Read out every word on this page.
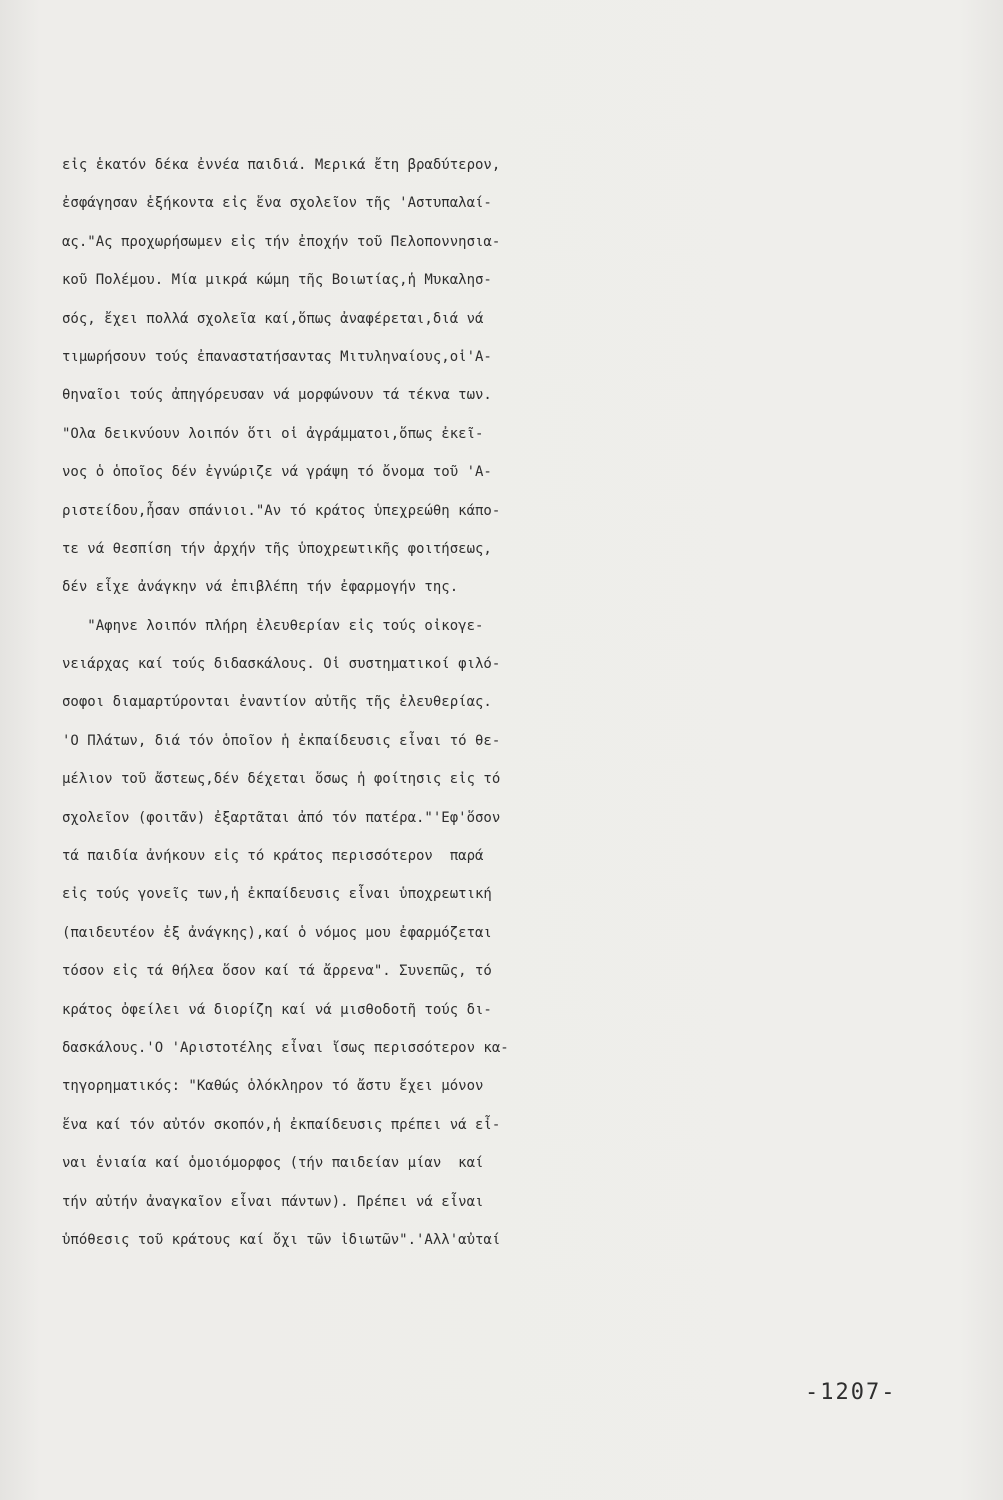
εἰς ἑκατόν δέκα ἐννέα παιδιά. Μερικά ἔτη βραδύτερον,
ἐσφάγησαν ἑξήκοντα εἰς ἕνα σχολεῖον τῆς 'Αστυπαλαί-
ας."Ας προχωρήσωμεν εἰς τήν ἐποχήν τοῦ Πελοποννησια-
κοῦ Πολέμου. Μία μικρά κώμη τῆς Βοιωτίας,ἡ Μυκαλησ-
σός, ἔχει πολλά σχολεῖα καί,ὅπως ἀναφέρεται,διά νά
τιμωρήσουν τούς ἐπαναστατήσαντας Μιτυληναίους,οἱ'Α-
θηναῖοι τούς ἀπηγόρευσαν νά μορφώνουν τά τέκνα των.
"Ολα δεικνύουν λοιπόν ὅτι οἱ ἀγράμματοι,ὅπως ἐκεῖ-
νος ὁ ὁποῖος δέν ἐγνώριζε νά γράψη τό ὄνομα τοῦ 'Α-
ριστείδου,ἦσαν σπάνιοι."Αν τό κράτος ὑπεχρεώθη κάπο-
τε νά θεσπίση τήν ἀρχήν τῆς ὑποχρεωτικῆς φοιτήσεως,
δέν εἶχε ἀνάγκην νά ἐπιβλέπη τήν ἐφαρμογήν της.
"Αφηνε λοιπόν πλήρη ἐλευθερίαν εἰς τούς οἰκογε-
νειάρχας καί τούς διδασκάλους. Οἱ συστηματικοί φιλό-
σοφοι διαμαρτύρονται ἐναντίον αὐτῆς τῆς ἐλευθερίας.
'Ο Πλάτων, διά τόν ὁποῖον ἡ ἐκπαίδευσις εἶναι τό θε-
μέλιον τοῦ ἄστεως,δέν δέχεται ὅσως ἡ φοίτησις εἰς τό
σχολεῖον (φοιτᾶν) ἐξαρτᾶται ἀπό τόν πατέρα."'Εφ'ὅσον
τά παιδία ἀνήκουν εἰς τό κράτος περισσότερον  παρά
εἰς τούς γονεῖς των,ἡ ἐκπαίδευσις εἶναι ὑποχρεωτική
(παιδευτέον ἐξ ἀνάγκης),καί ὁ νόμος μου ἐφαρμόζεται
τόσον εἰς τά θήλεα ὅσον καί τά ἄρρενα". Συνεπῶς, τό
κράτος ὀφείλει νά διορίζη καί νά μισθοδοτῆ τούς δι-
δασκάλους.'Ο 'Αριστοτέλης εἶναι ἴσως περισσότερον κα-
τηγορηματικός: "Καθώς ὁλόκληρον τό ἄστυ ἔχει μόνον
ἕνα καί τόν αὐτόν σκοπόν,ἡ ἐκπαίδευσις πρέπει νά εἶ-
ναι ἑνιαία καί ὁμοιόμορφος (τήν παιδείαν μίαν  καί
τήν αὐτήν ἀναγκαῖον εἶναι πάντων). Πρέπει νά εἶναι
ὑπόθεσις τοῦ κράτους καί ὄχι τῶν ἰδιωτῶν".'Αλλ'αὐταί
-1207-
